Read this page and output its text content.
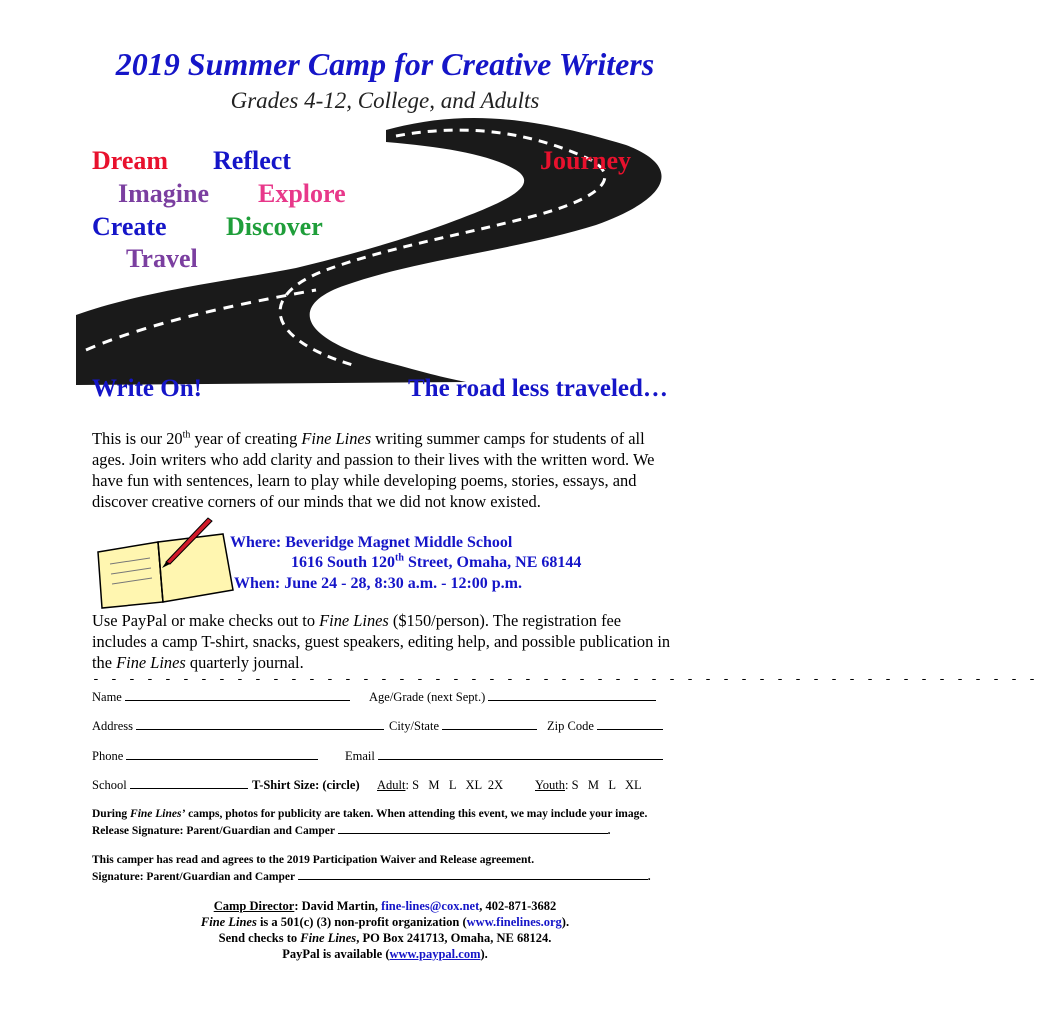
2019 Summer Camp for Creative Writers
Grades 4-12, College, and Adults
Dream Reflect	Journey
Imagine Explore
Create Discover
Travel
Write On!	The road less traveled…
This is our 20th year of creating Fine Lines writing summer camps for students of all ages. Join writers who add clarity and passion to their lives with the written word. We have fun with sentences, learn to play while developing poems, stories, essays, and discover creative corners of our minds that we did not know existed.
Where: Beveridge Magnet Middle School
1616 South 120th Street, Omaha, NE 68144
When: June 24 - 28, 8:30 a.m. - 12:00 p.m.
Use PayPal or make checks out to Fine Lines ($150/person). The registration fee includes a camp T-shirt, snacks, guest speakers, editing help, and possible publication in the Fine Lines quarterly journal.
- - - - - - - - - - - - - - - - - - - - - - - - - - - - - - - - - - - - - - - - - - - - - - - - - - - - -
Name	Age/Grade (next Sept.)
Address	City/State	Zip Code
Phone	Email
School	T-Shirt Size: (circle) Adult: S   M   L   XL  2X	Youth: S   M   L   XL
During Fine Lines’ camps, photos for publicity are taken. When attending this event, we may include your image. Release Signature: Parent/Guardian and Camper	.
This camper has read and agrees to the 2019 Participation Waiver and Release agreement.
Signature: Parent/Guardian and Camper	.
Camp Director: David Martin, fine-lines@cox.net, 402-871-3682
Fine Lines is a 501(c) (3) non-profit organization (www.finelines.org).
Send checks to Fine Lines, PO Box 241713, Omaha, NE 68124.
PayPal is available (www.paypal.com).
